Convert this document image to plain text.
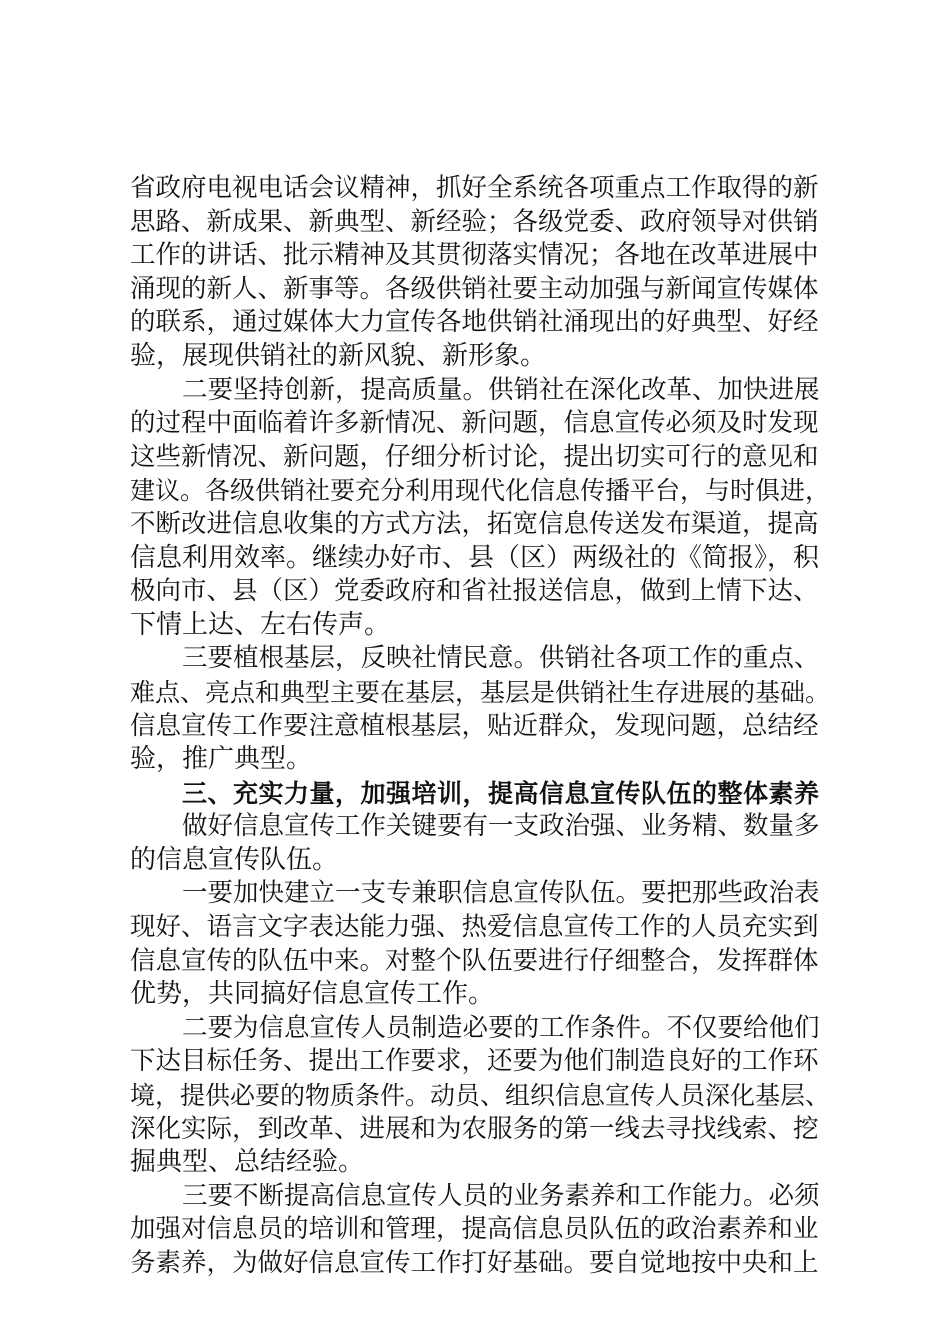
省政府电视电话会议精神，抓好全系统各项重点工作取得的新
思路、新成果、新典型、新经验；各级党委、政府领导对供销
工作的讲话、批示精神及其贯彻落实情况；各地在改革进展中
涌现的新人、新事等。各级供销社要主动加强与新闻宣传媒体
的联系，通过媒体大力宣传各地供销社涌现出的好典型、好经
验，展现供销社的新风貌、新形象。
二要坚持创新，提高质量。供销社在深化改革、加快进展
的过程中面临着许多新情况、新问题，信息宣传必须及时发现
这些新情况、新问题，仔细分析讨论，提出切实可行的意见和
建议。各级供销社要充分利用现代化信息传播平台，与时俱进，
不断改进信息收集的方式方法，拓宽信息传送发布渠道，提高
信息利用效率。继续办好市、县（区）两级社的《简报》，积
极向市、县（区）党委政府和省社报送信息，做到上情下达、
下情上达、左右传声。
三要植根基层，反映社情民意。供销社各项工作的重点、
难点、亮点和典型主要在基层，基层是供销社生存进展的基础。
信息宣传工作要注意植根基层，贴近群众，发现问题，总结经
验，推广典型。
三、充实力量，加强培训，提高信息宣传队伍的整体素养
做好信息宣传工作关键要有一支政治强、业务精、数量多
的信息宣传队伍。
一要加快建立一支专兼职信息宣传队伍。要把那些政治表
现好、语言文字表达能力强、热爱信息宣传工作的人员充实到
信息宣传的队伍中来。对整个队伍要进行仔细整合，发挥群体
优势，共同搞好信息宣传工作。
二要为信息宣传人员制造必要的工作条件。不仅要给他们
下达目标任务、提出工作要求，还要为他们制造良好的工作环
境，提供必要的物质条件。动员、组织信息宣传人员深化基层、
深化实际，到改革、进展和为农服务的第一线去寻找线索、挖
掘典型、总结经验。
三要不断提高信息宣传人员的业务素养和工作能力。必须
加强对信息员的培训和管理，提高信息员队伍的政治素养和业
务素养，为做好信息宣传工作打好基础。要自觉地按中央和上
